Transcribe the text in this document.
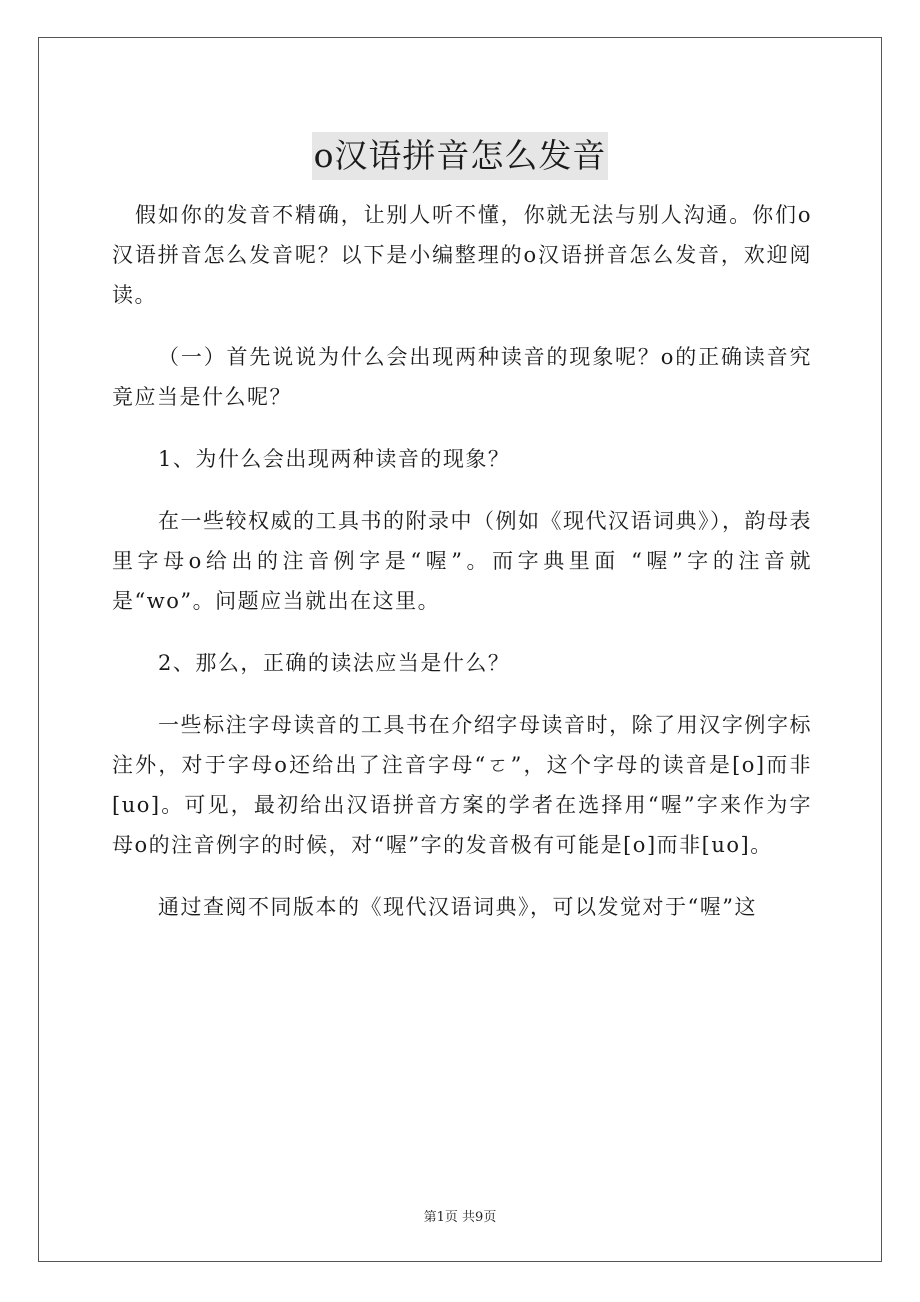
o汉语拼音怎么发音

假如你的发音不精确，让别人听不懂，你就无法与别人沟通。你们o汉语拼音怎么发音呢？以下是小编整理的o汉语拼音怎么发音，欢迎阅读。

（一）首先说说为什么会出现两种读音的现象呢？o的正确读音究竟应当是什么呢？

1、为什么会出现两种读音的现象？

在一些较权威的工具书的附录中（例如《现代汉语词典》），韵母表里字母o给出的注音例字是“喔”。而字典里面 “喔”字的注音就是“wo”。问题应当就出在这里。

2、那么，正确的读法应当是什么？

一些标注字母读音的工具书在介绍字母读音时，除了用汉字例字标注外，对于字母o还给出了注音字母“ㄛ”，这个字母的读音是[o]而非[uo]。可见，最初给出汉语拼音方案的学者在选择用“喔”字来作为字母o的注音例字的时候，对“喔”字的发音极有可能是[o]而非[uo]。

通过查阅不同版本的《现代汉语词典》，可以发觉对于“喔”这

第1页 共9页
